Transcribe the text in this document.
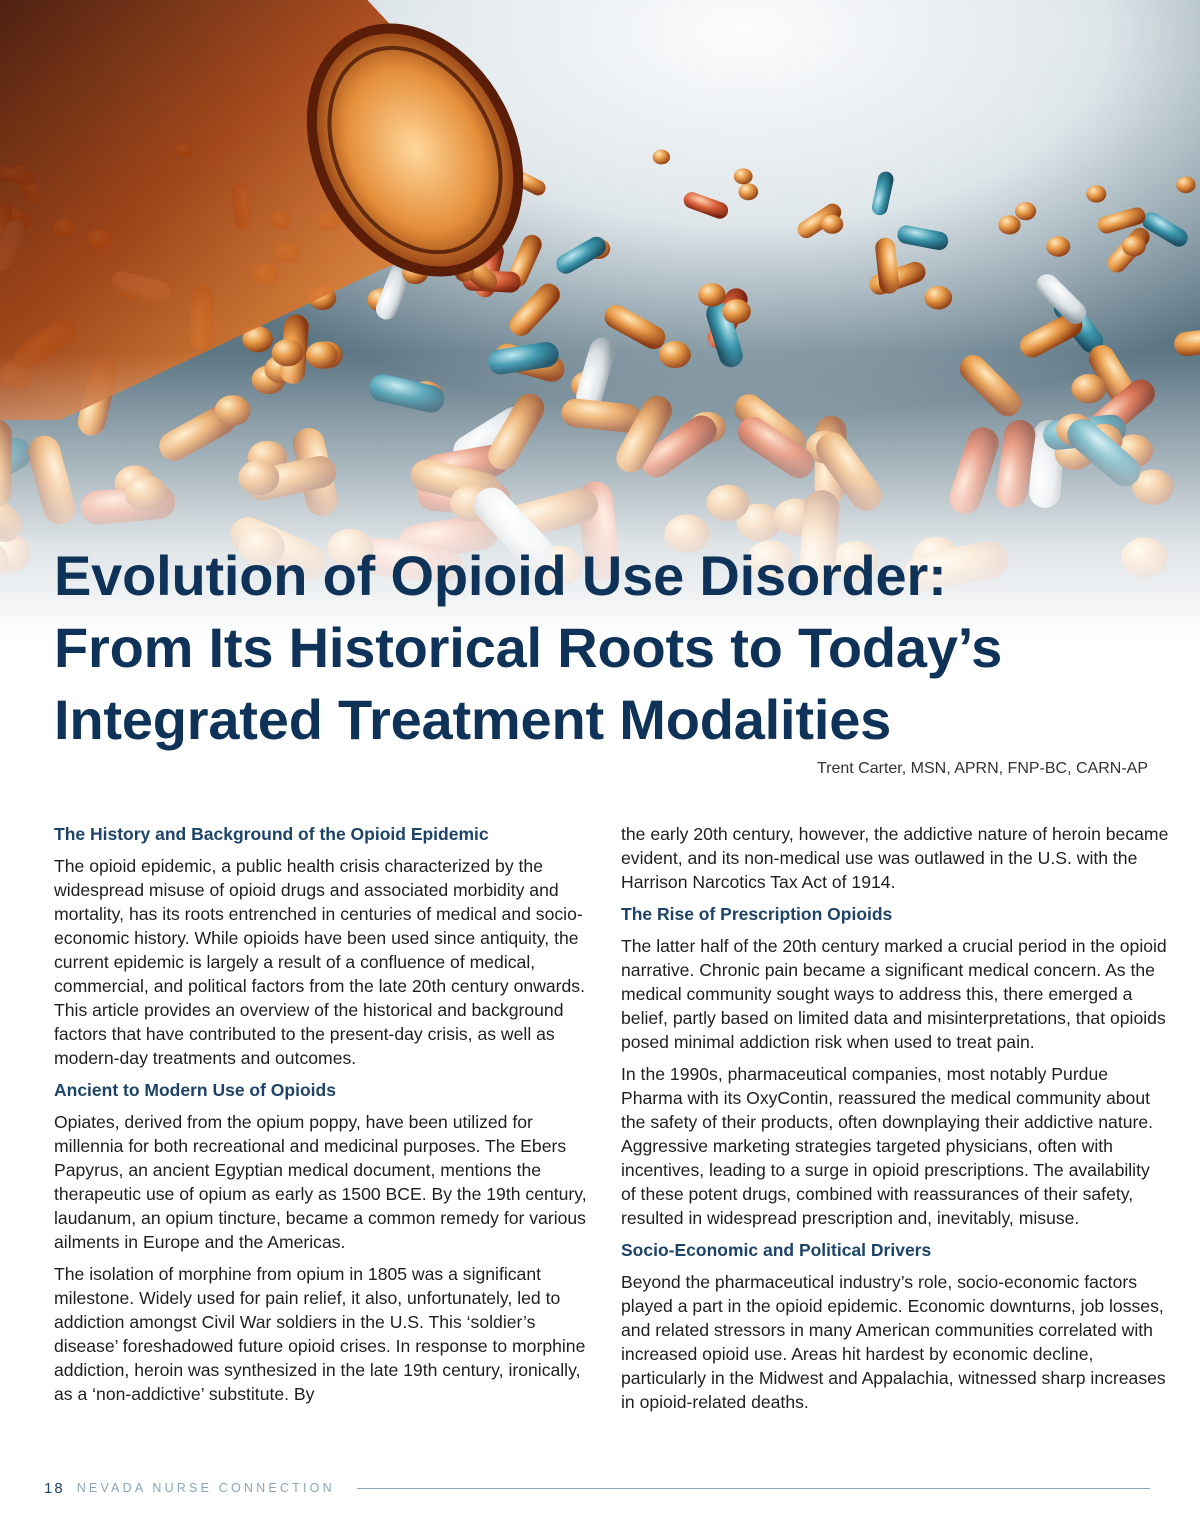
Evolution of Opioid Use Disorder:
From Its Historical Roots to Today’s
Integrated Treatment Modalities

Trent Carter, MSN, APRN, FNP-BC, CARN-AP

The History and Background of the Opioid Epidemic

The opioid epidemic, a public health crisis characterized by the widespread misuse of opioid drugs and associated morbidity and mortality, has its roots entrenched in centuries of medical and socio-economic history. While opioids have been used since antiquity, the current epidemic is largely a result of a confluence of medical, commercial, and political factors from the late 20th century onwards. This article provides an overview of the historical and background factors that have contributed to the present-day crisis, as well as modern-day treatments and outcomes.

Ancient to Modern Use of Opioids

Opiates, derived from the opium poppy, have been utilized for millennia for both recreational and medicinal purposes. The Ebers Papyrus, an ancient Egyptian medical document, mentions the therapeutic use of opium as early as 1500 BCE. By the 19th century, laudanum, an opium tincture, became a common remedy for various ailments in Europe and the Americas.

The isolation of morphine from opium in 1805 was a significant milestone. Widely used for pain relief, it also, unfortunately, led to addiction amongst Civil War soldiers in the U.S. This ‘soldier’s disease’ foreshadowed future opioid crises. In response to morphine addiction, heroin was synthesized in the late 19th century, ironically, as a ‘non-addictive’ substitute. By

the early 20th century, however, the addictive nature of heroin became evident, and its non-medical use was outlawed in the U.S. with the Harrison Narcotics Tax Act of 1914.

The Rise of Prescription Opioids

The latter half of the 20th century marked a crucial period in the opioid narrative. Chronic pain became a significant medical concern. As the medical community sought ways to address this, there emerged a belief, partly based on limited data and misinterpretations, that opioids posed minimal addiction risk when used to treat pain.

In the 1990s, pharmaceutical companies, most notably Purdue Pharma with its OxyContin, reassured the medical community about the safety of their products, often downplaying their addictive nature. Aggressive marketing strategies targeted physicians, often with incentives, leading to a surge in opioid prescriptions. The availability of these potent drugs, combined with reassurances of their safety, resulted in widespread prescription and, inevitably, misuse.

Socio-Economic and Political Drivers

Beyond the pharmaceutical industry’s role, socio-economic factors played a part in the opioid epidemic. Economic downturns, job losses, and related stressors in many American communities correlated with increased opioid use. Areas hit hardest by economic decline, particularly in the Midwest and Appalachia, witnessed sharp increases in opioid-related deaths.

18 NEVADA NURSE CONNECTION
